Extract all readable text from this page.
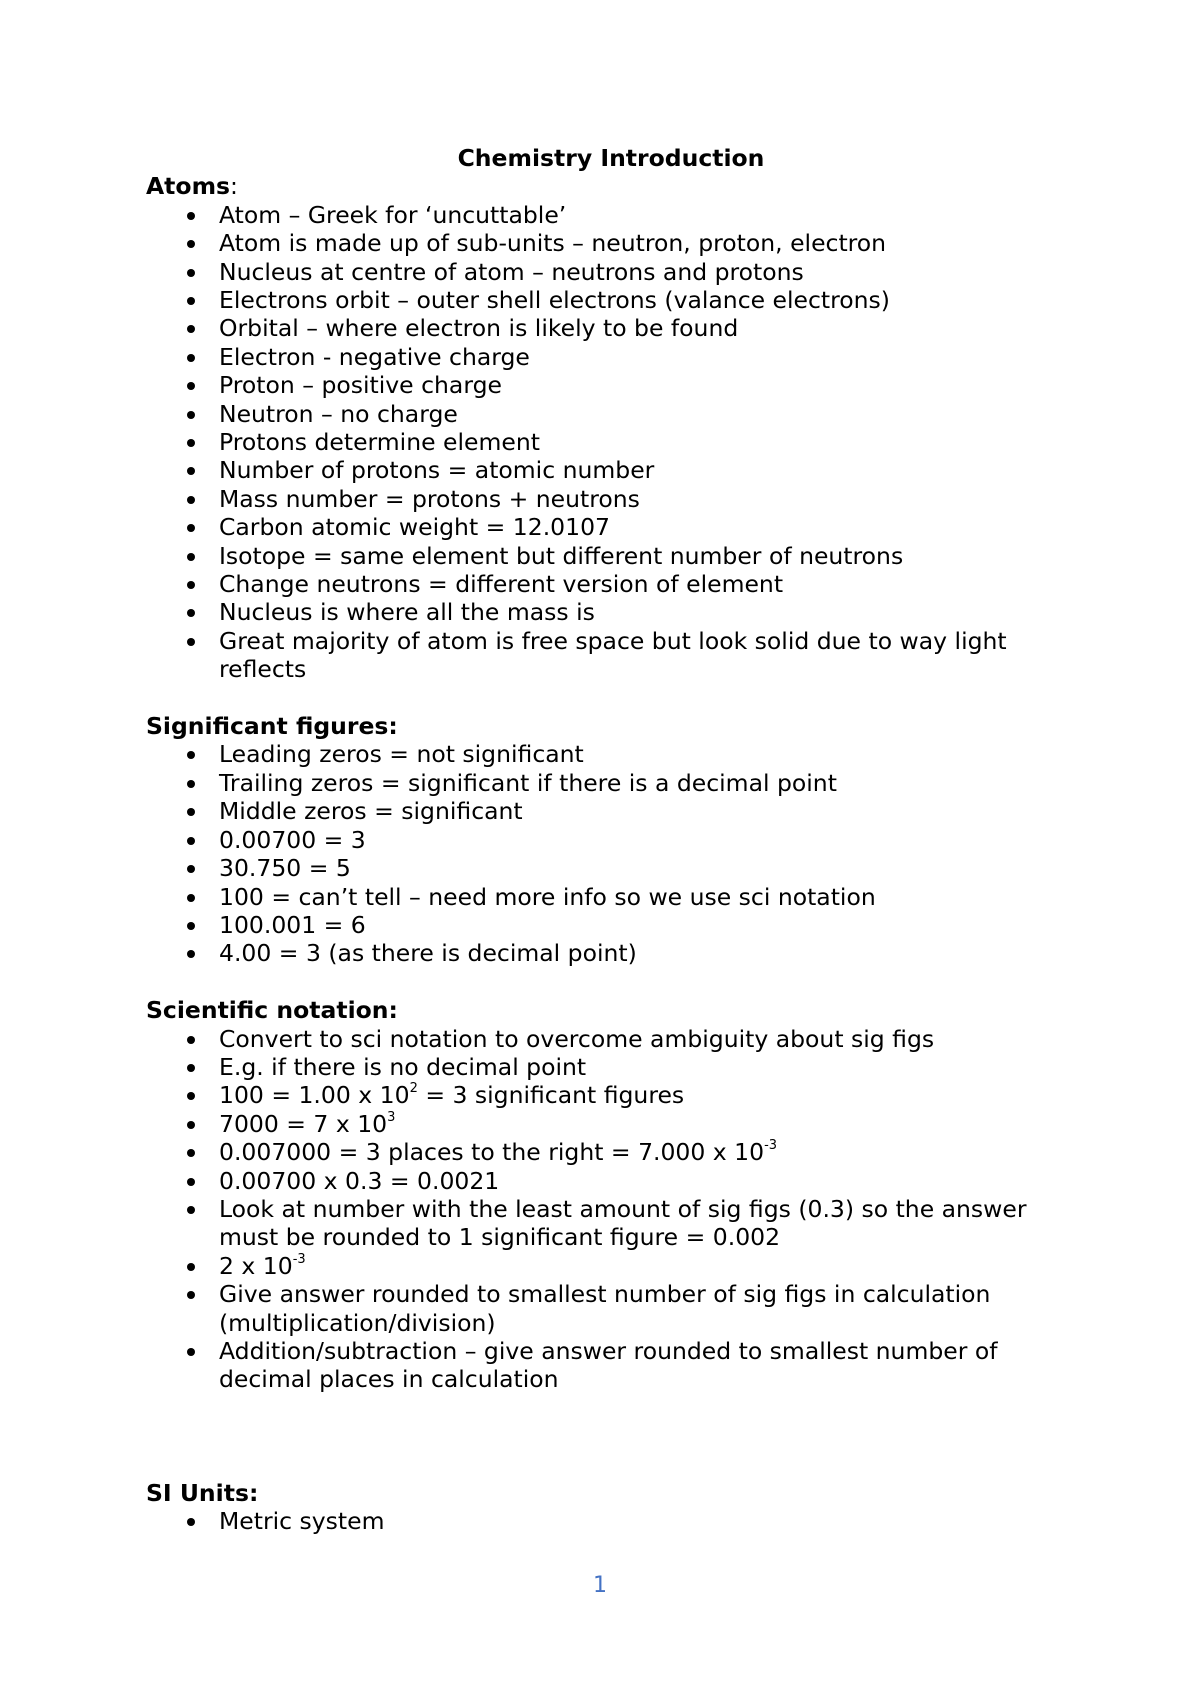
Chemistry Introduction
Atoms:
Atom – Greek for ‘uncuttable’
Atom is made up of sub-units – neutron, proton, electron
Nucleus at centre of atom – neutrons and protons
Electrons orbit – outer shell electrons (valance electrons)
Orbital – where electron is likely to be found
Electron - negative charge
Proton – positive charge
Neutron – no charge
Protons determine element
Number of protons = atomic number
Mass number = protons + neutrons
Carbon atomic weight = 12.0107
Isotope = same element but different number of neutrons
Change neutrons = different version of element
Nucleus is where all the mass is
Great majority of atom is free space but look solid due to way light reflects
Significant figures:
Leading zeros = not significant
Trailing zeros = significant if there is a decimal point
Middle zeros = significant
0.00700 = 3
30.750 = 5
100 = can’t tell – need more info so we use sci notation
100.001 = 6
4.00 = 3 (as there is decimal point)
Scientific notation:
Convert to sci notation to overcome ambiguity about sig figs
E.g. if there is no decimal point
100 = 1.00 x $10^2 = 3$ significant figures
7000 = 7 x $10^3$
0.007000 = 3 places to the right = 7.000 x $10^{-3}$
0.00700 x 0.3 = 0.0021
Look at number with the least amount of sig figs (0.3) so the answer must be rounded to 1 significant figure = 0.002
2 x $10^{-3}$
Give answer rounded to smallest number of sig figs in calculation (multiplication/division)
Addition/subtraction – give answer rounded to smallest number of decimal places in calculation
SI Units:
Metric system
1
